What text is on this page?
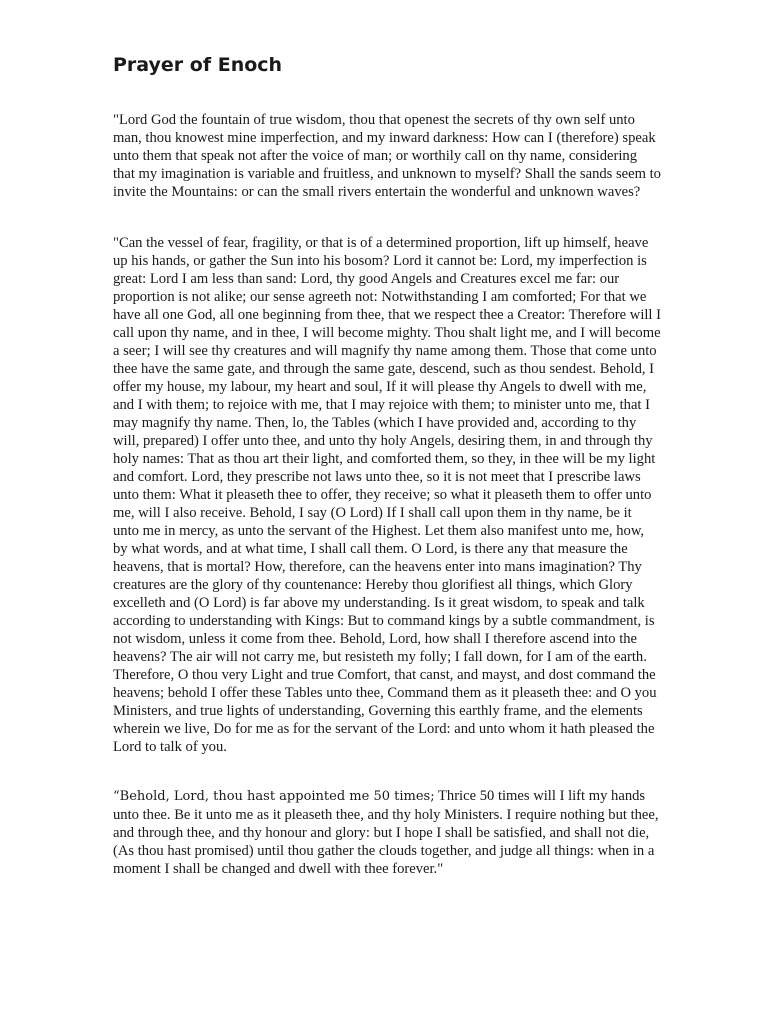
Prayer of Enoch

"Lord God the fountain of true wisdom, thou that openest the secrets of thy own self unto man, thou knowest mine imperfection, and my inward darkness: How can I (therefore) speak unto them that speak not after the voice of man; or worthily call on thy name, considering that my imagination is variable and fruitless, and unknown to myself? Shall the sands seem to invite the Mountains: or can the small rivers entertain the wonderful and unknown waves?

"Can the vessel of fear, fragility, or that is of a determined proportion, lift up himself, heave up his hands, or gather the Sun into his bosom? Lord it cannot be: Lord, my imperfection is great: Lord I am less than sand: Lord, thy good Angels and Creatures excel me far: our proportion is not alike; our sense agreeth not: Notwithstanding I am comforted; For that we have all one God, all one beginning from thee, that we respect thee a Creator: Therefore will I call upon thy name, and in thee, I will become mighty. Thou shalt light me, and I will become a seer; I will see thy creatures and will magnify thy name among them. Those that come unto thee have the same gate, and through the same gate, descend, such as thou sendest. Behold, I offer my house, my labour, my heart and soul, If it will please thy Angels to dwell with me, and I with them; to rejoice with me, that I may rejoice with them; to minister unto me, that I may magnify thy name. Then, lo, the Tables (which I have provided and, according to thy will, prepared) I offer unto thee, and unto thy holy Angels, desiring them, in and through thy holy names: That as thou art their light, and comforted them, so they, in thee will be my light and comfort. Lord, they prescribe not laws unto thee, so it is not meet that I prescribe laws unto them: What it pleaseth thee to offer, they receive; so what it pleaseth them to offer unto me, will I also receive. Behold, I say (O Lord) If I shall call upon them in thy name, be it unto me in mercy, as unto the servant of the Highest. Let them also manifest unto me, how, by what words, and at what time, I shall call them. O Lord, is there any that measure the heavens, that is mortal? How, therefore, can the heavens enter into mans imagination? Thy creatures are the glory of thy countenance: Hereby thou glorifiest all things, which Glory excelleth and (O Lord) is far above my understanding. Is it great wisdom, to speak and talk according to understanding with Kings: But to command kings by a subtle commandment, is not wisdom, unless it come from thee. Behold, Lord, how shall I therefore ascend into the heavens? The air will not carry me, but resisteth my folly; I fall down, for I am of the earth. Therefore, O thou very Light and true Comfort, that canst, and mayst, and dost command the heavens; behold I offer these Tables unto thee, Command them as it pleaseth thee: and O you Ministers, and true lights of understanding, Governing this earthly frame, and the elements wherein we live, Do for me as for the servant of the Lord: and unto whom it hath pleased the Lord to talk of you.

“Behold, Lord, thou hast appointed me 50 times; Thrice 50 times will I lift my hands unto thee. Be it unto me as it pleaseth thee, and thy holy Ministers. I require nothing but thee, and through thee, and thy honour and glory: but I hope I shall be satisfied, and shall not die, (As thou hast promised) until thou gather the clouds together, and judge all things: when in a moment I shall be changed and dwell with thee forever."
